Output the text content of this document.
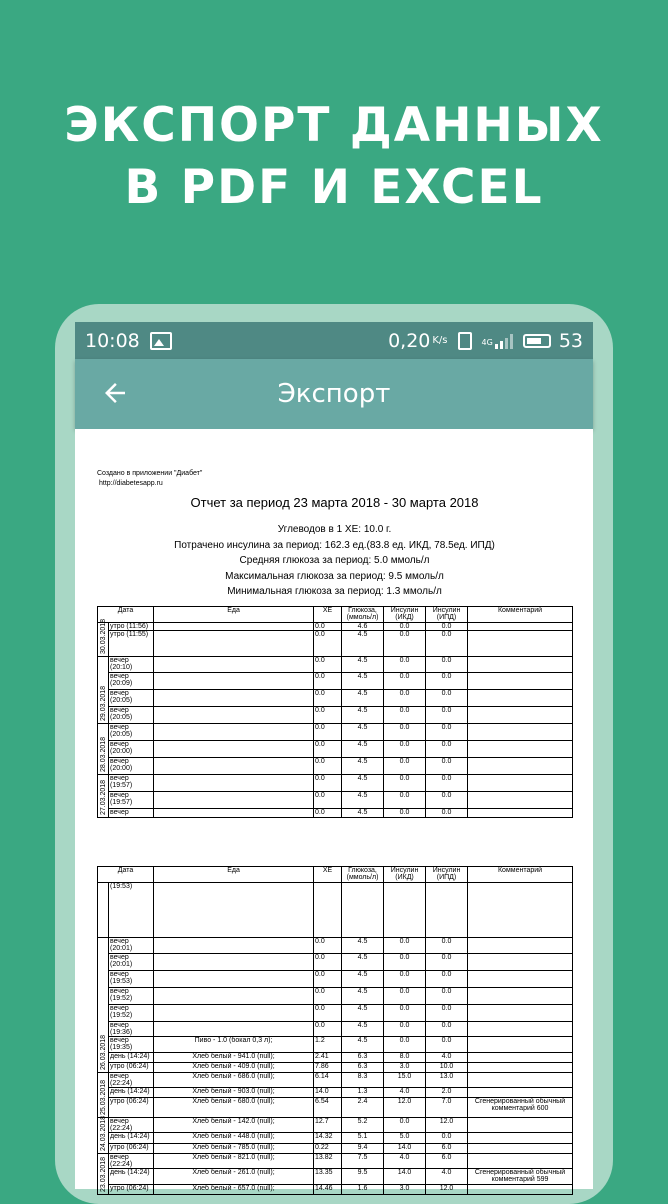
ЭКСПОРТ ДАННЫХ
В PDF И EXCEL
10:08	0,20 K/s	4G	53
Экспорт
Создано в приложении "Диабет"
http://diabetesapp.ru
Отчет за период 23 марта 2018 - 30 марта 2018
Углеводов в 1 ХЕ: 10.0 г.
Потрачено инсулина за период: 162.3 ед.(83.8 ед. ИКД, 78.5ед. ИПД)
Средняя глюкоза за период: 5.0 ммоль/л
Максимальная глюкоза за период: 9.5 ммоль/л
Минимальная глюкоза за период: 1.3 ммоль/л
Дата		Еда	ХЕ	Глюкоза, (ммоль/л)	Инсулин (ИКД)	Инсулин (ИПД)	Комментарий

30.03.2018	утро (11:56)		0.0	4.6	0.0	0.0	
	утро (11:55)		0.0	4.5	0.0	0.0	

29.03.2018	вечер (20:10)		0.0	4.5	0.0	0.0	
	вечер (20:09)		0.0	4.5	0.0	0.0	
	вечер (20:05)		0.0	4.5	0.0	0.0	
	вечер (20:05)		0.0	4.5	0.0	0.0	

28.03.2018	вечер (20:05)		0.0	4.5	0.0	0.0	
	вечер (20:00)		0.0	4.5	0.0	0.0	
	вечер (20:00)		0.0	4.5	0.0	0.0	

27.03.2018	вечер (19:57)		0.0	4.5	0.0	0.0	
	вечер (19:57)		0.0	4.5	0.0	0.0	
	вечер		0.0	4.5	0.0	0.0	
Дата		Еда	ХЕ	Глюкоза, (ммоль/л)	Инсулин (ИКД)	Инсулин (ИПД)	Комментарий

	(19:53)						

26.03.2018	вечер (20:01)		0.0	4.5	0.0	0.0	
	вечер (20:01)		0.0	4.5	0.0	0.0	
	вечер (19:53)		0.0	4.5	0.0	0.0	
	вечер (19:52)		0.0	4.5	0.0	0.0	
	вечер (19:52)		0.0	4.5	0.0	0.0	
	вечер (19:36)		0.0	4.5	0.0	0.0	
	вечер (19:35)	Пиво - 1.0 (бокал 0,3 л);	1.2	4.5	0.0	0.0	
	день (14:24)	Хлеб белый - 941.0 (null);	2.41	6.3	8.0	4.0	
	утро (06:24)	Хлеб белый - 409.0 (null);	7.86	6.3	3.0	10.0	

25.03.2018	вечер (22:24)	Хлеб белый - 686.0 (null);	6.14	8.3	15.0	13.0	
	день (14:24)	Хлеб белый - 903.0 (null);	14.0	1.3	4.0	2.0	
	утро (06:24)	Хлеб белый - 680.0 (null);	6.54	2.4	12.0	7.0	Сгенерированный обычный комментарий 600

24.03.2018	вечер (22:24)	Хлеб белый - 142.0 (null);	12.7	5.2	0.0	12.0	
	день (14:24)	Хлеб белый - 448.0 (null);	14.32	5.1	5.0	0.0	
	утро (06:24)	Хлеб белый - 785.0 (null);	0.22	9.4	14.0	6.0	

23.03.2018	вечер (22:24)	Хлеб белый - 821.0 (null);	13.82	7.5	4.0	6.0	
	день (14:24)	Хлеб белый - 261.0 (null);	13.35	9.5	14.0	4.0	Сгенерированный обычный комментарий 599
	утро (06:24)	Хлеб белый - 657.0 (null);	14.46	1.6	3.0	12.0	
